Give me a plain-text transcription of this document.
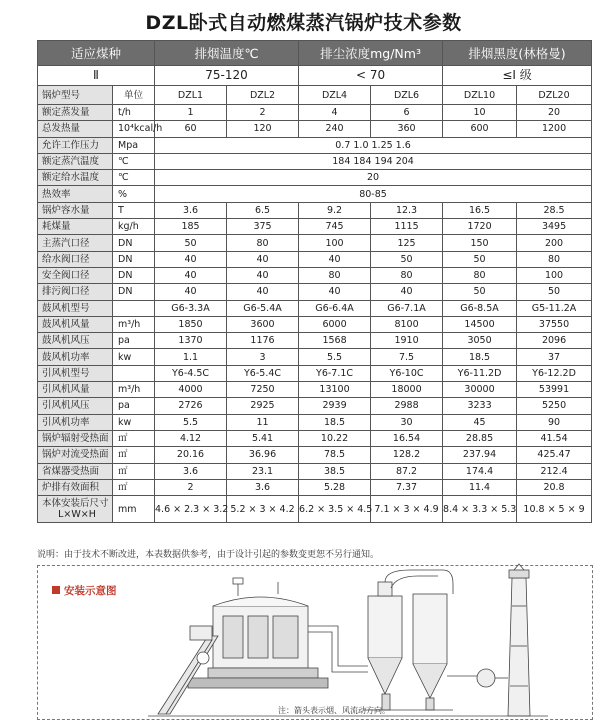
DZL卧式自动燃煤蒸汽锅炉技术参数
适应煤种		排烟温度℃		排尘浓度mg/Nm³		排烟黑度(林格曼)	
Ⅱ		75-120		< 70		≤Ⅰ 级	
锅炉型号	单位	DZL1	DZL2	DZL4	DZL6	DZL10	DZL20
额定蒸发量	t/h	1	2	4	6	10	20
总发热量	10⁴kcal/h	60	120	240	360	600	1200
允许工作压力	Mpa	0.7 1.0 1.25 1.6					
额定蒸汽温度	℃	184 184 194 204					
额定给水温度	℃	20					
热效率	%	80-85					
锅炉容水量	T	3.6	6.5	9.2	12.3	16.5	28.5
耗煤量	kg/h	185	375	745	1115	1720	3495
主蒸汽口径	DN	50	80	100	125	150	200
给水阀口径	DN	40	40	40	50	50	80
安全阀口径	DN	40	40	80	80	80	100
排污阀口径	DN	40	40	40	40	50	50
鼓风机型号		G6-3.3A	G6-5.4A	G6-6.4A	G6-7.1A	G6-8.5A	G5-11.2A
鼓风机风量	m³/h	1850	3600	6000	8100	14500	37550
鼓风机风压	pa	1370	1176	1568	1910	3050	2096
鼓风机功率	kw	1.1	3	5.5	7.5	18.5	37
引风机型号		Y6-4.5C	Y6-5.4C	Y6-7.1C	Y6-10C	Y6-11.2D	Y6-12.2D
引风机风量	m³/h	4000	7250	13100	18000	30000	53991
引风机风压	pa	2726	2925	2939	2988	3233	5250
引风机功率	kw	5.5	11	18.5	30	45	90
锅炉辐射受热面	㎡	4.12	5.41	10.22	16.54	28.85	41.54
锅炉对流受热面	㎡	20.16	36.96	78.5	128.2	237.94	425.47
省煤器受热面	㎡	3.6	23.1	38.5	87.2	174.4	212.4
炉排有效面积	㎡	2	3.6	5.28	7.37	11.4	20.8

本体安装后尺寸
L×W×H	mm	4.6 × 2.3 × 3.2	5.2 × 3 × 4.2	6.2 × 3.5 × 4.5	7.1 × 3 × 4.9	8.4 × 3.3 × 5.3	10.8 × 5 × 9
说明：由于技术不断改进，本表数据供参考，由于设计引起的参数变更恕不另行通知。
安装示意图
注：箭头表示烟、风流动方向。
